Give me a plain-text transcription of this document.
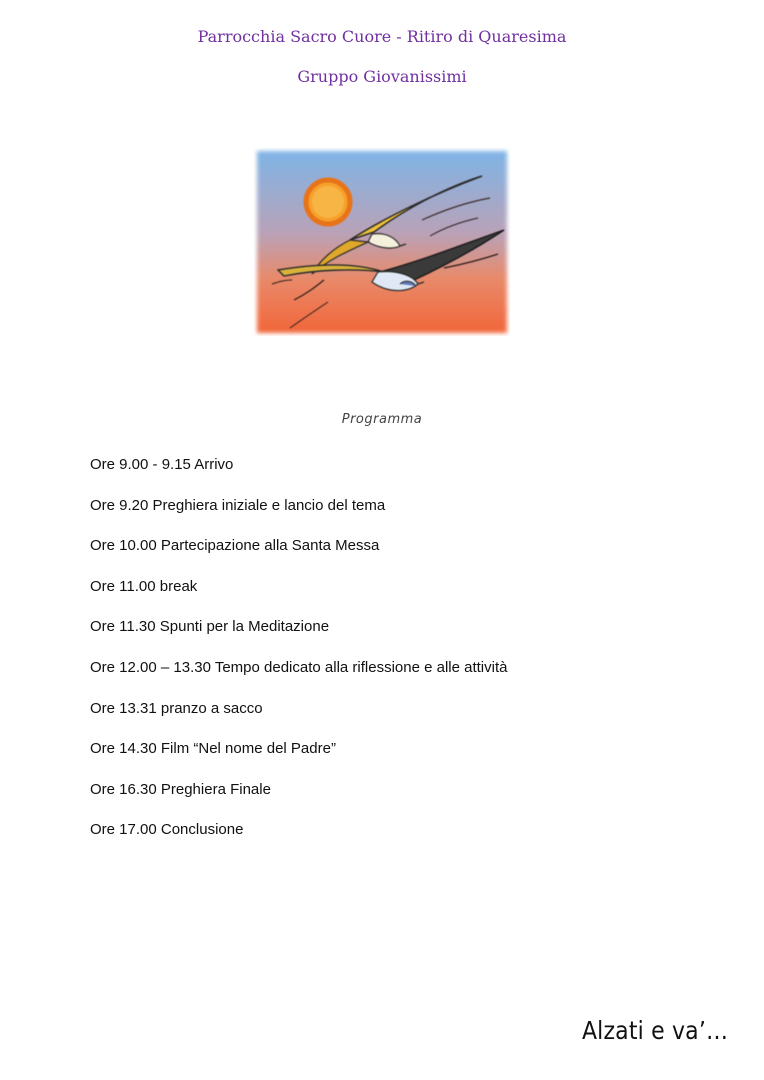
Parrocchia Sacro Cuore - Ritiro di Quaresima
Gruppo Giovanissimi
Programma
Ore 9.00 - 9.15 Arrivo
Ore 9.20 Preghiera iniziale e lancio del tema
Ore 10.00 Partecipazione alla Santa Messa
Ore 11.00 break
Ore 11.30 Spunti per la Meditazione
Ore 12.00 – 13.30 Tempo dedicato alla riflessione e alle attività
Ore 13.31 pranzo a sacco
Ore 14.30 Film “Nel nome del Padre”
Ore 16.30 Preghiera Finale
Ore 17.00 Conclusione
Alzati e va’…
